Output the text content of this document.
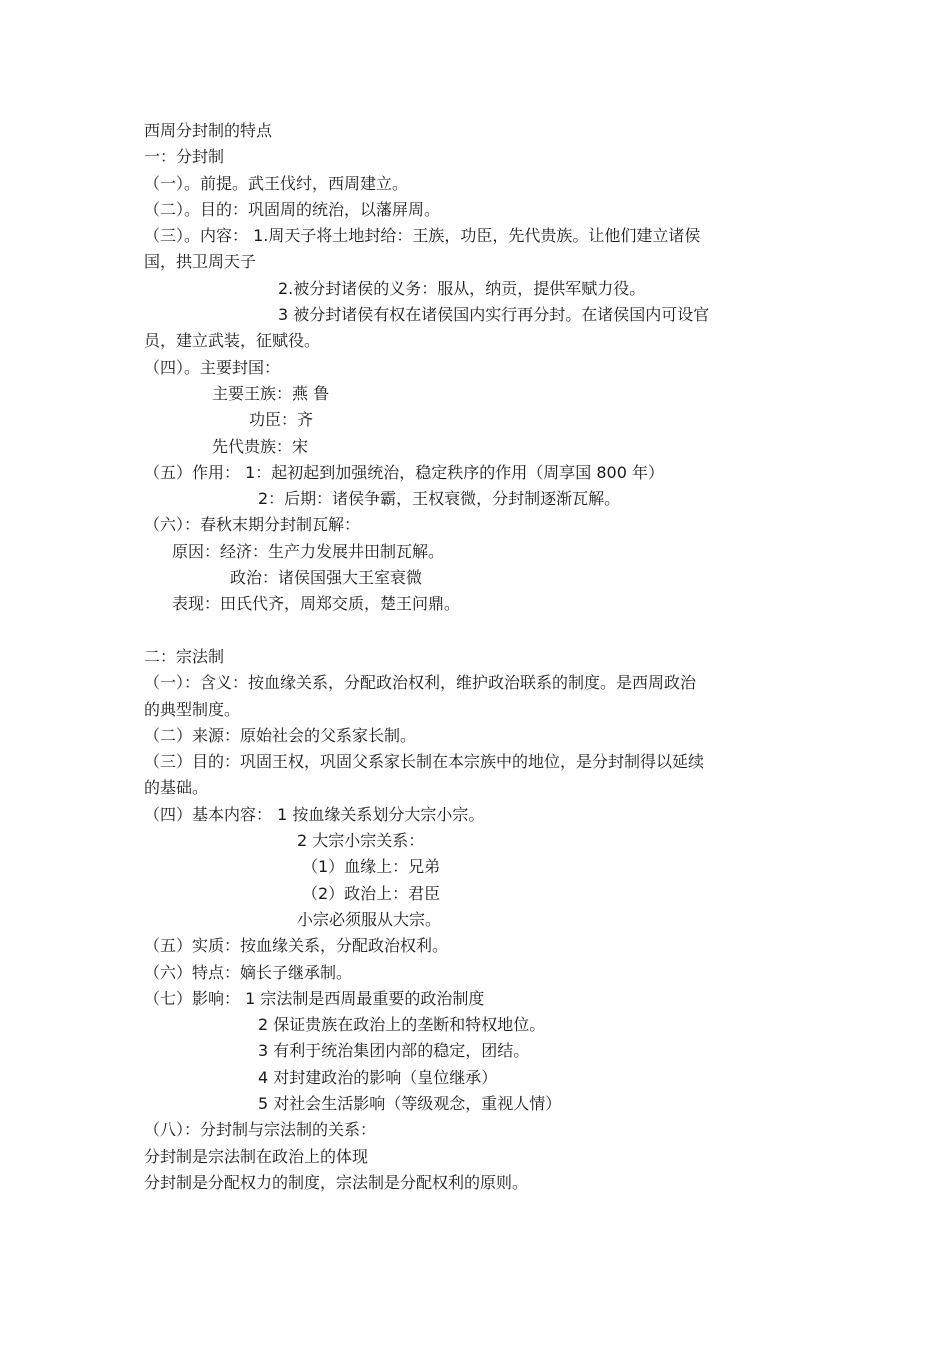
西周分封制的特点
一：分封制
（一）。前提。武王伐纣，西周建立。
（二）。目的：巩固周的统治，以藩屏周。
（三）。内容： 1.周天子将土地封给：王族，功臣，先代贵族。让他们建立诸侯
国，拱卫周天子
2.被分封诸侯的义务：服从，纳贡，提供军赋力役。
3 被分封诸侯有权在诸侯国内实行再分封。在诸侯国内可设官
员，建立武装，征赋役。
（四）。主要封国：
主要王族：燕 鲁
功臣：齐
先代贵族：宋
（五）作用： 1：起初起到加强统治，稳定秩序的作用（周享国 800 年）
2：后期：诸侯争霸，王权衰微，分封制逐渐瓦解。
（六）：春秋末期分封制瓦解：
原因：经济：生产力发展井田制瓦解。
政治：诸侯国强大王室衰微
表现：田氏代齐，周郑交质，楚王问鼎。
二：宗法制
（一）：含义：按血缘关系，分配政治权利，维护政治联系的制度。是西周政治
的典型制度。
（二）来源：原始社会的父系家长制。
（三）目的：巩固王权，巩固父系家长制在本宗族中的地位，是分封制得以延续
的基础。
（四）基本内容： 1 按血缘关系划分大宗小宗。
2 大宗小宗关系：
（1）血缘上：兄弟
（2）政治上：君臣
小宗必须服从大宗。
（五）实质：按血缘关系，分配政治权利。
（六）特点：嫡长子继承制。
（七）影响： 1 宗法制是西周最重要的政治制度
2 保证贵族在政治上的垄断和特权地位。
3 有利于统治集团内部的稳定，团结。
4 对封建政治的影响（皇位继承）
5 对社会生活影响（等级观念，重视人情）
（八）：分封制与宗法制的关系：
分封制是宗法制在政治上的体现
分封制是分配权力的制度，宗法制是分配权利的原则。
